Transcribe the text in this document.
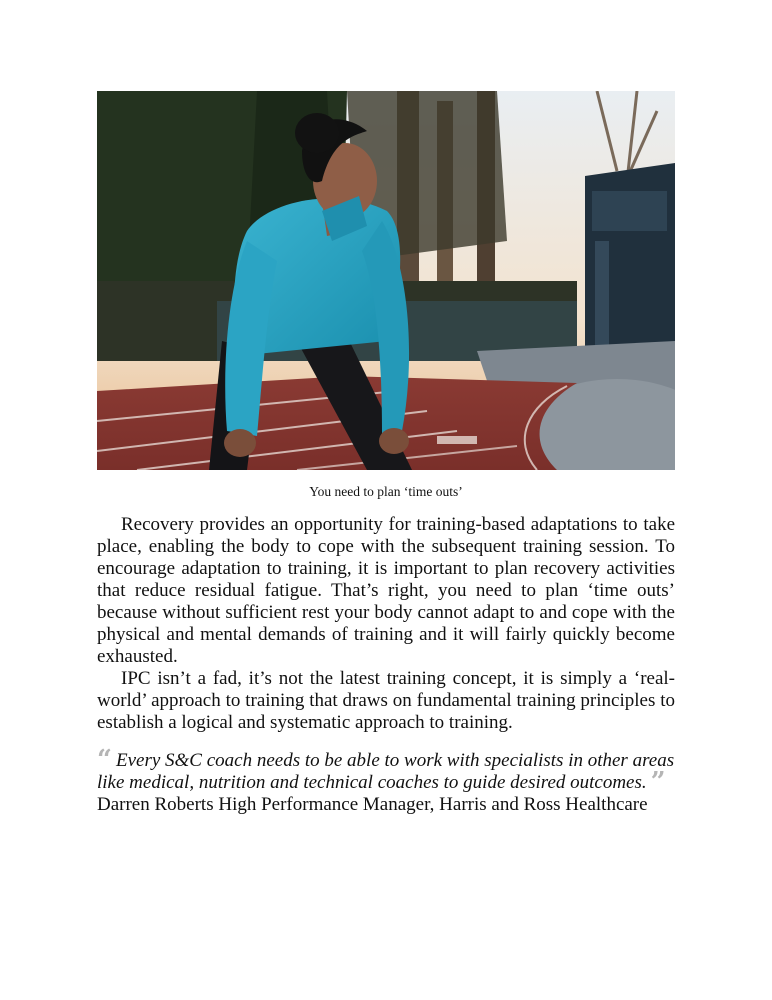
You need to plan ‘time outs’

Recovery provides an opportunity for training-based adaptations to take place, enabling the body to cope with the subsequent training session. To encourage adaptation to training, it is important to plan recovery activities that reduce residual fatigue. That’s right, you need to plan ‘time outs’ because without sufficient rest your body cannot adapt to and cope with the physical and mental demands of training and it will fairly quickly become exhausted.

IPC isn’t a fad, it’s not the latest training concept, it is simply a ‘real-world’ approach to training that draws on fundamental training principles to establish a logical and systematic approach to training.

“ Every S&C coach needs to be able to work with specialists in other areas like medical, nutrition and technical coaches to guide desired outcomes. ”

Darren Roberts High Performance Manager, Harris and Ross Healthcare
